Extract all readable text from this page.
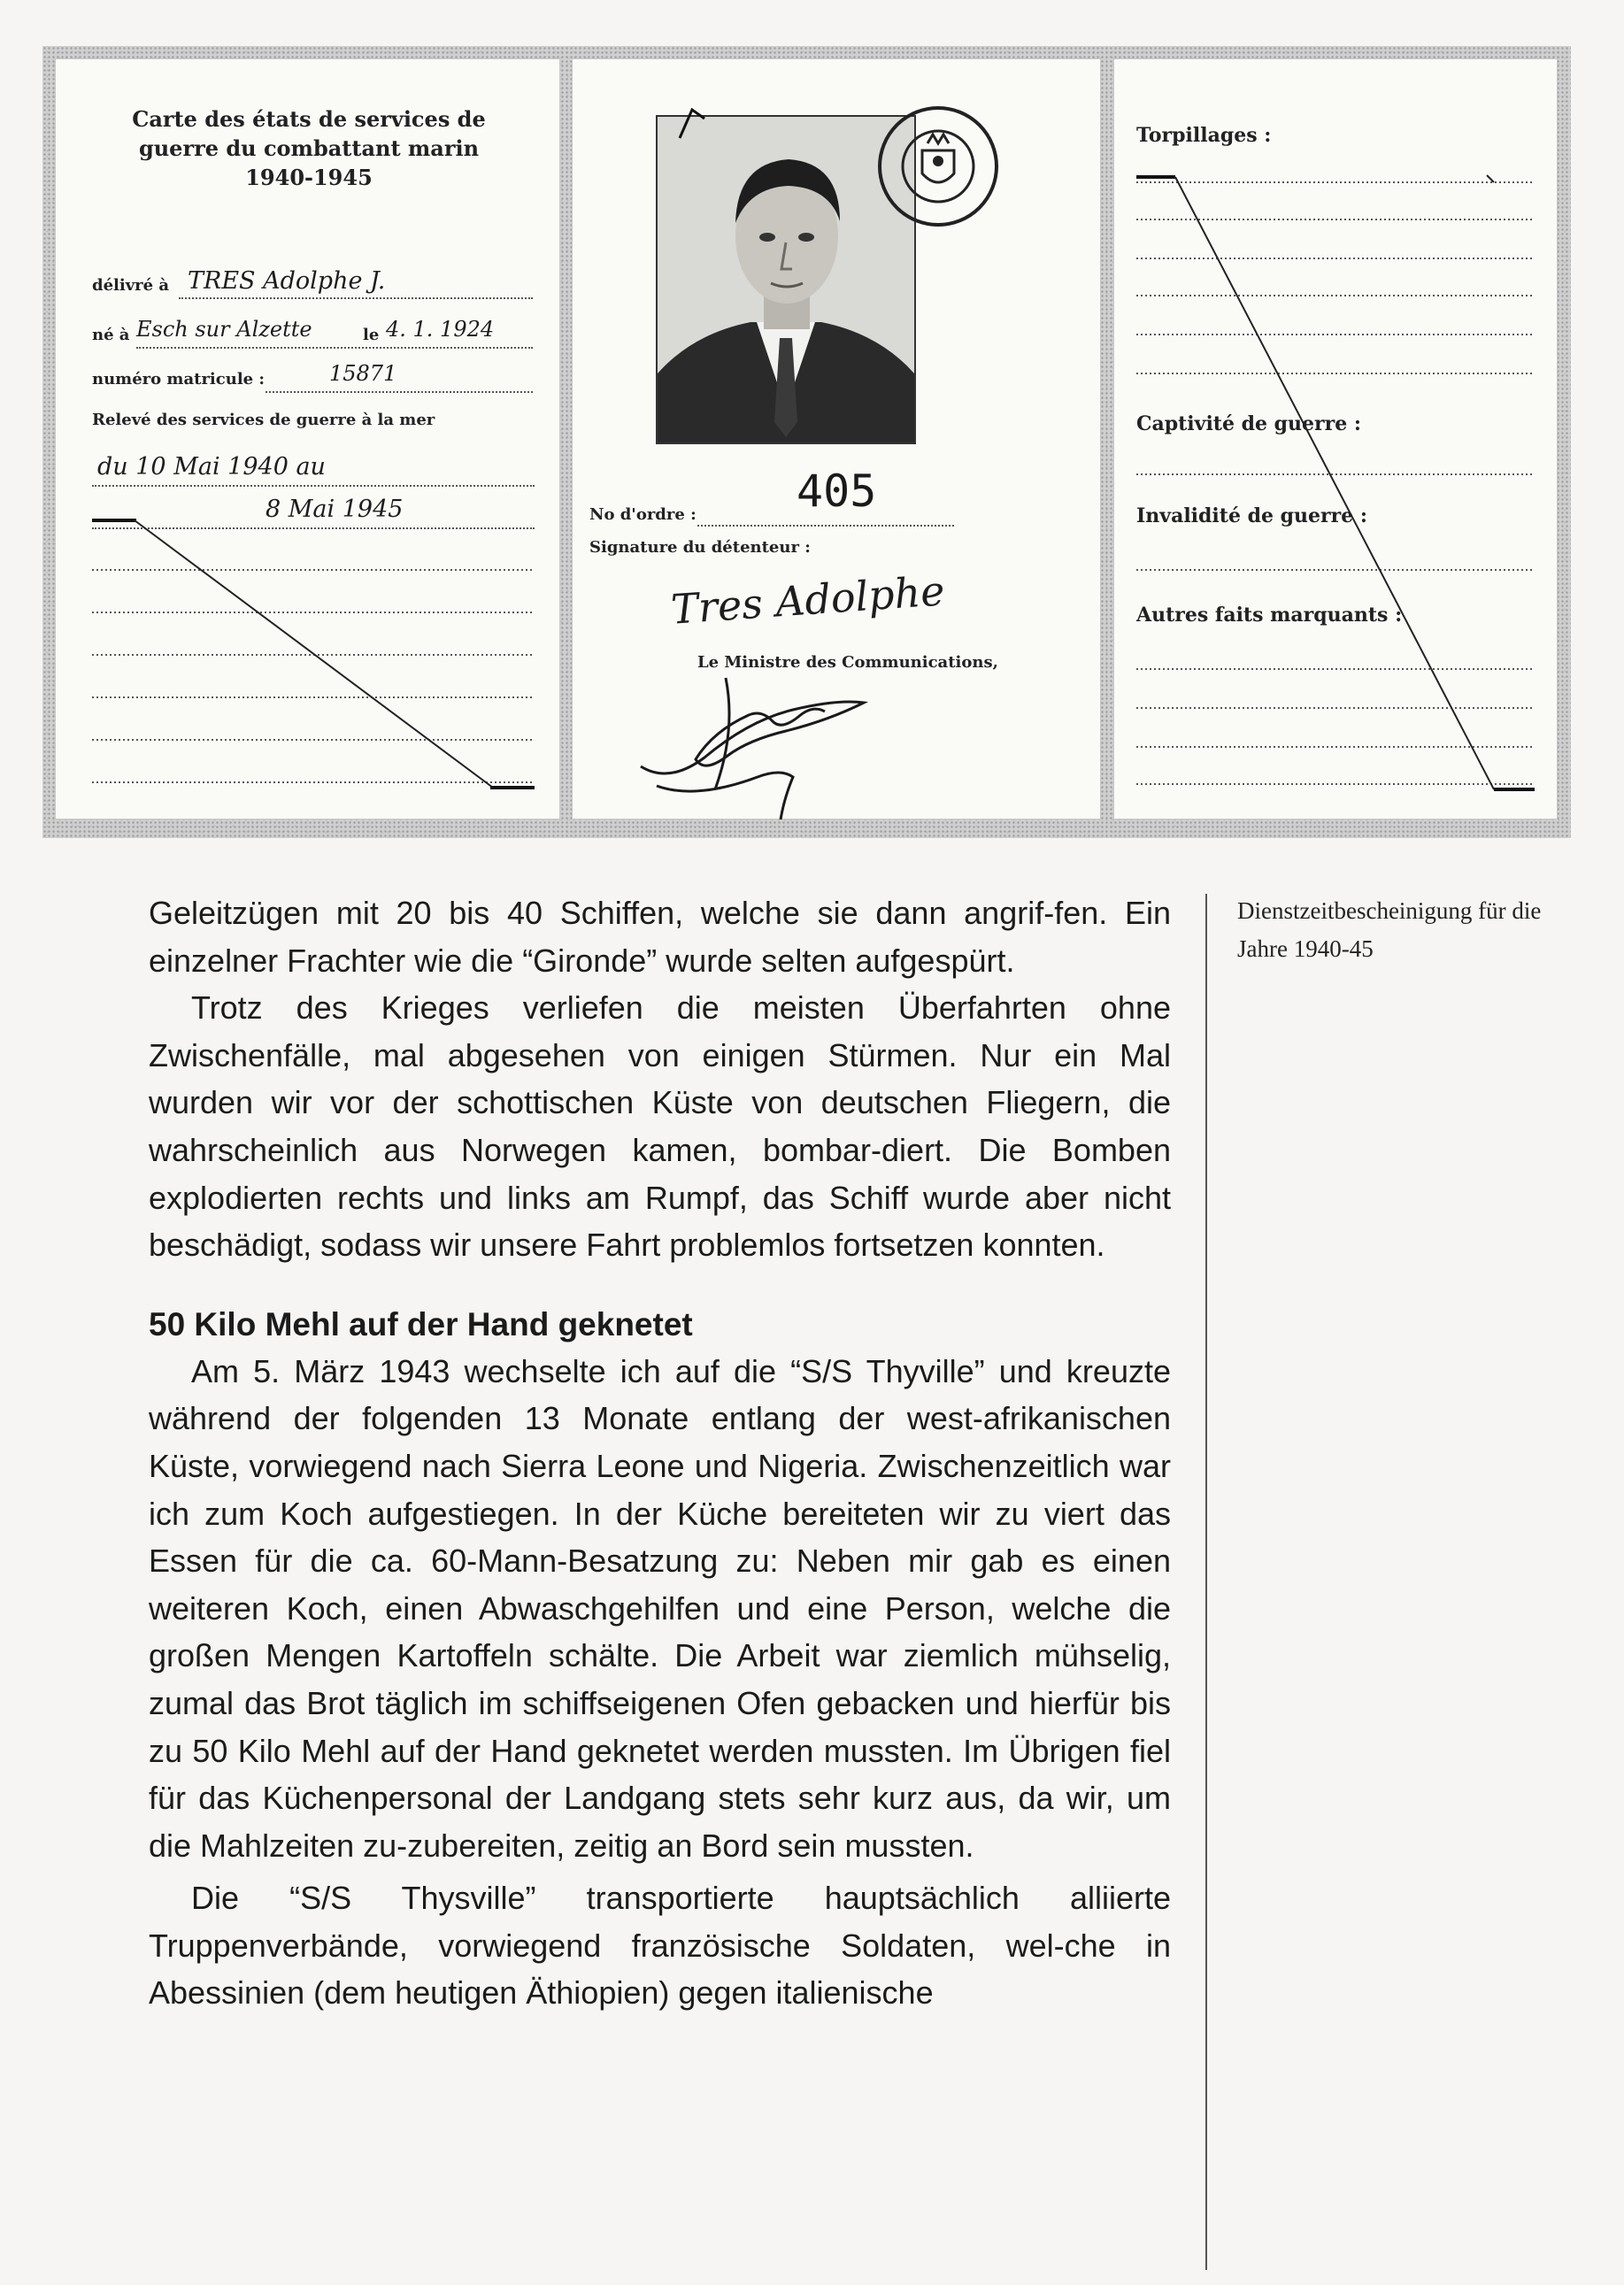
Carte des états de services de
guerre du combattant marin
1940-1945
délivré à TRES Adolphe J.
né à Esch sur Alzette	le 4. 1. 1924
numéro matricule :	15871
Relevé des services de guerre à la mer
du 10 Mai 1940 au
8 Mai 1945	No d'ordre : 405
Signature du détenteur :
Tres Adolphe
Le Ministre des Communications,
Torpillages :
Captivité de guerre :
Invalidité de guerre :
Autres faits marquants :

Geleitzügen mit 20 bis 40 Schiffen, welche sie dann angrif-fen. Ein einzelner Frachter wie die “Gironde” wurde selten aufgespürt.

Trotz des Krieges verliefen die meisten Überfahrten ohne Zwischenfälle, mal abgesehen von einigen Stürmen. Nur ein Mal wurden wir vor der schottischen Küste von deutschen Fliegern, die wahrscheinlich aus Norwegen kamen, bombar-diert. Die Bomben explodierten rechts und links am Rumpf, das Schiff wurde aber nicht beschädigt, sodass wir unsere Fahrt problemlos fortsetzen konnten.

50 Kilo Mehl auf der Hand geknetet

Am 5. März 1943 wechselte ich auf die “S/S Thyville” und kreuzte während der folgenden 13 Monate entlang der west-afrikanischen Küste, vorwiegend nach Sierra Leone und Nigeria. Zwischenzeitlich war ich zum Koch aufgestiegen. In der Küche bereiteten wir zu viert das Essen für die ca. 60-Mann-Besatzung zu: Neben mir gab es einen weiteren Koch, einen Abwaschgehilfen und eine Person, welche die großen Mengen Kartoffeln schälte. Die Arbeit war ziemlich mühselig, zumal das Brot täglich im schiffseigenen Ofen gebacken und hierfür bis zu 50 Kilo Mehl auf der Hand geknetet werden mussten. Im Übrigen fiel für das Küchenpersonal der Landgang stets sehr kurz aus, da wir, um die Mahlzeiten zu-zubereiten, zeitig an Bord sein mussten.

Die “S/S Thysville” transportierte hauptsächlich alliierte Truppenverbände, vorwiegend französische Soldaten, wel-che in Abessinien (dem heutigen Äthiopien) gegen italienische

Dienstzeitbescheinigung für die Jahre 1940-45
